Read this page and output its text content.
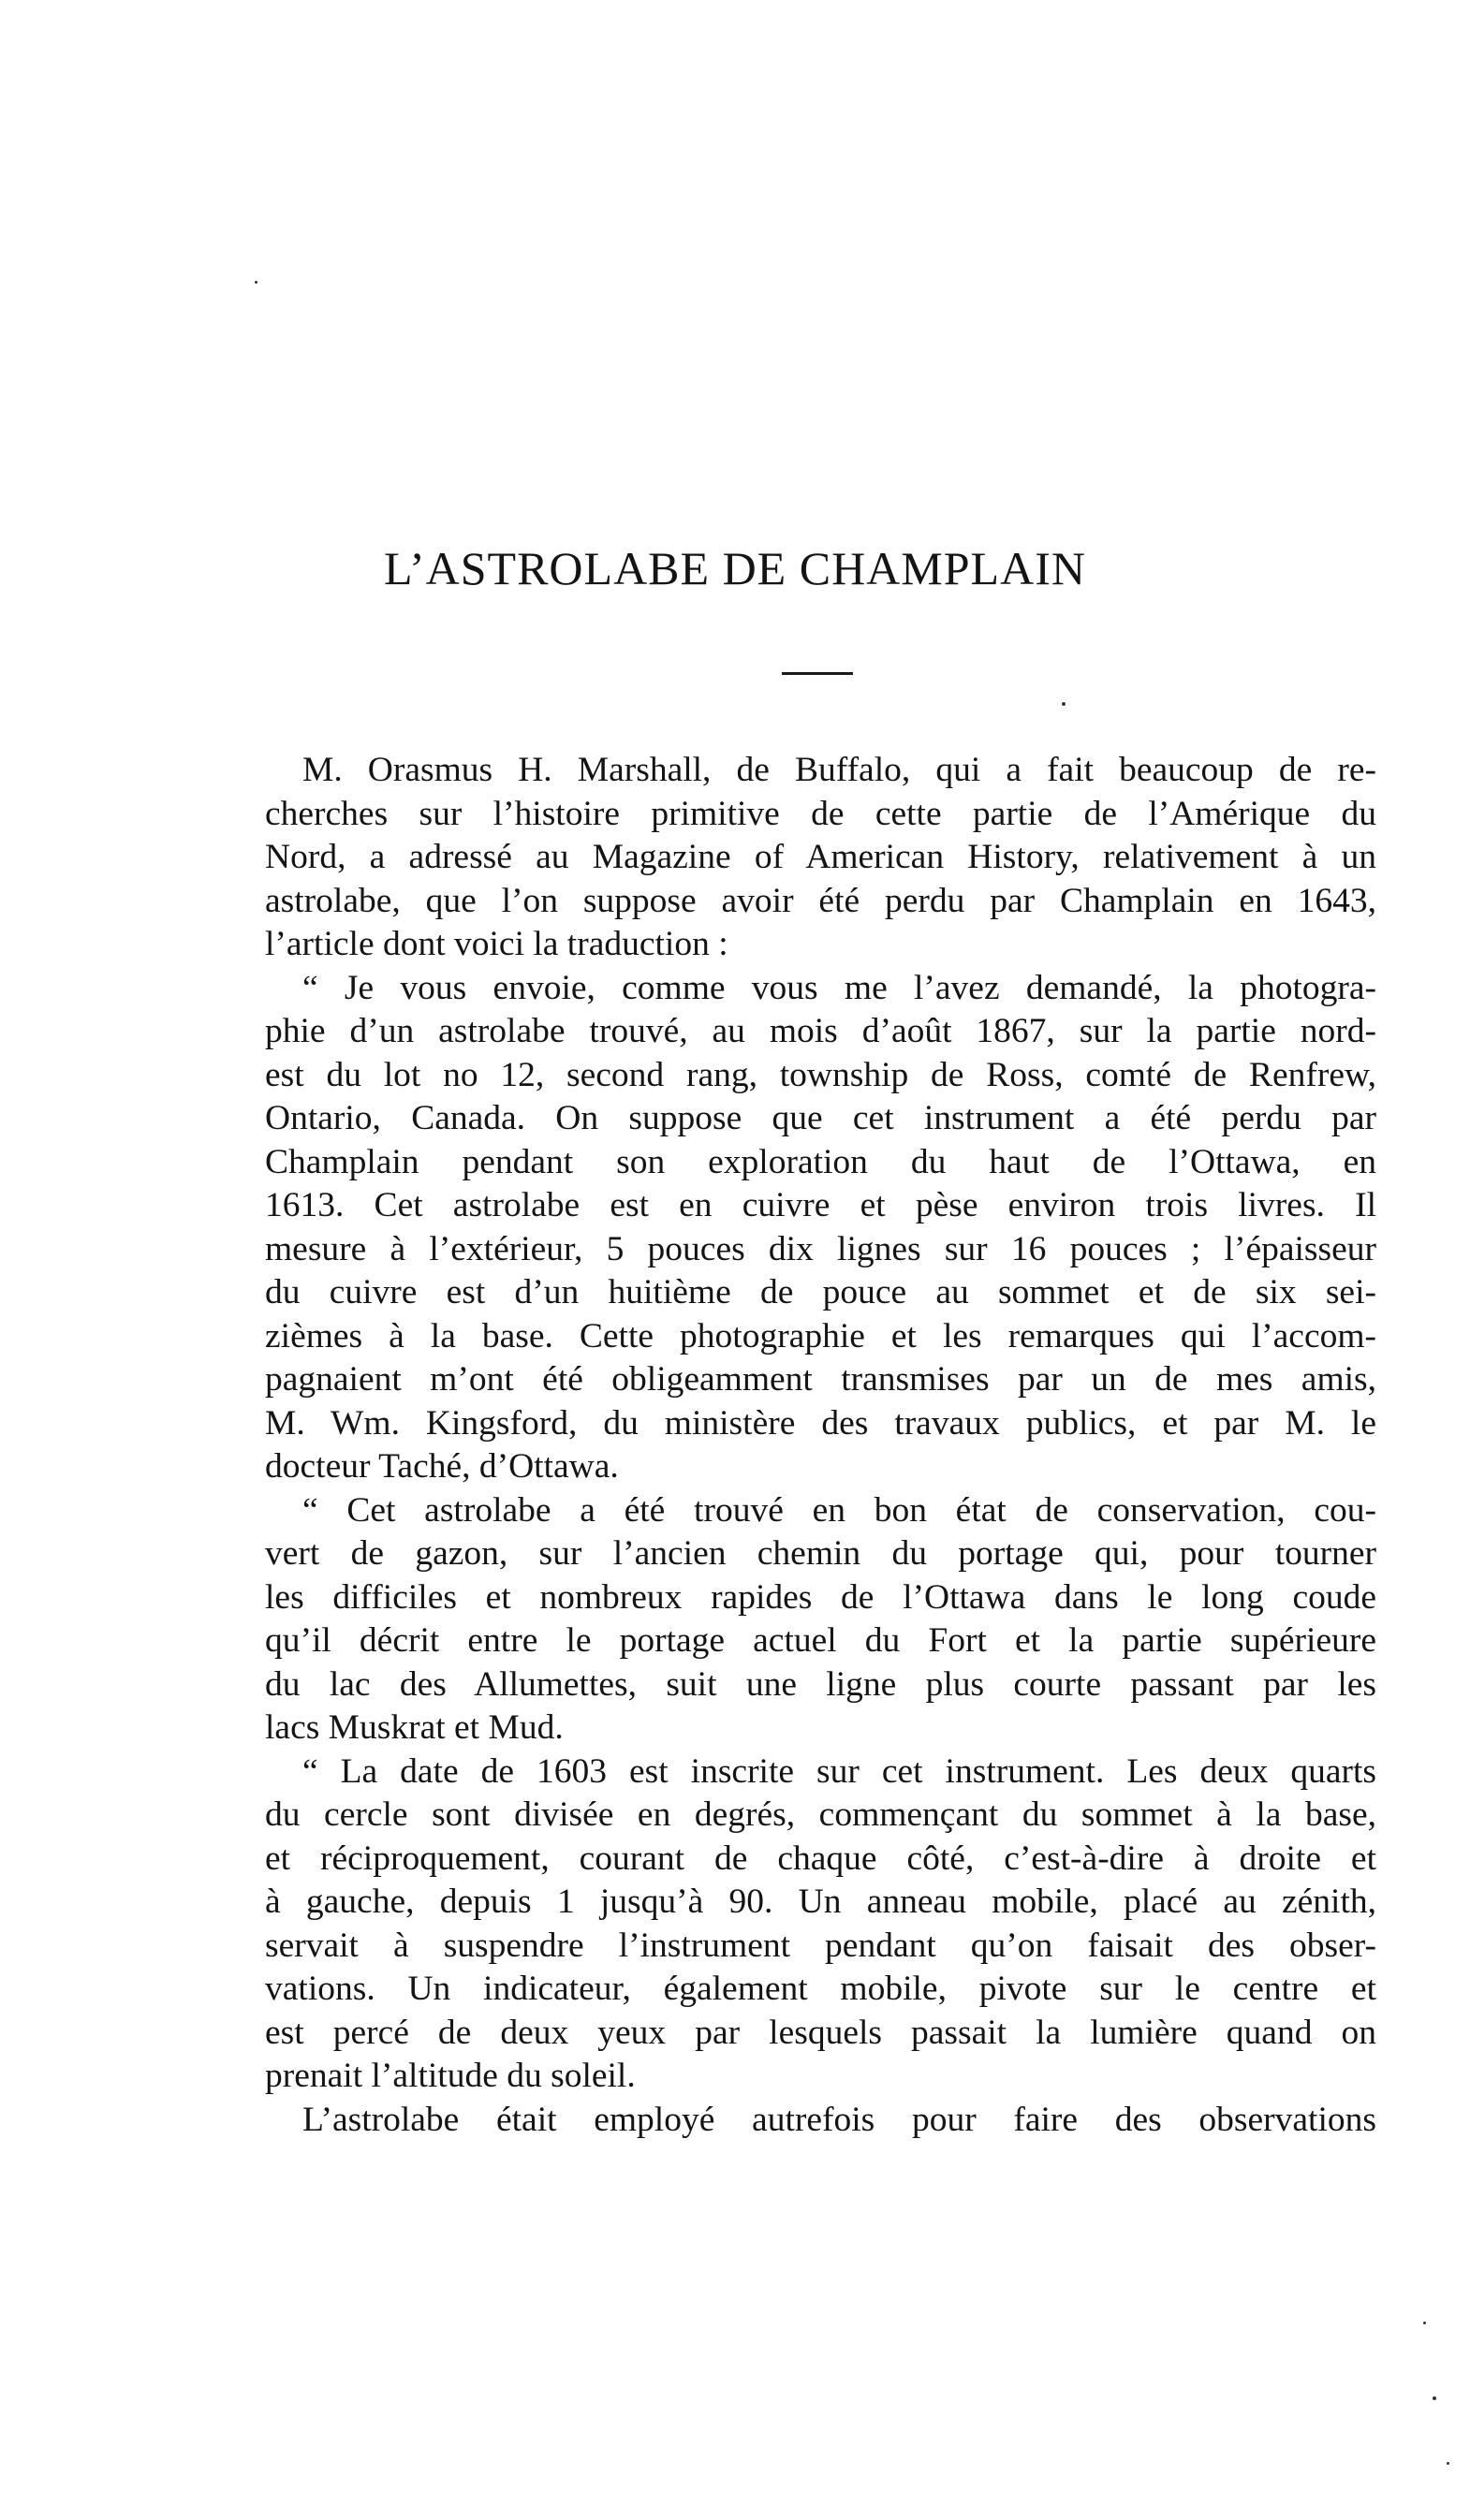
L’ASTROLABE DE CHAMPLAIN
M. Orasmus H. Marshall, de Buffalo, qui a fait beaucoup de re-
cherches sur l’histoire primitive de cette partie de l’Amérique du
Nord, a adressé au Magazine of American History, relativement à un
astrolabe, que l’on suppose avoir été perdu par Champlain en 1643,
l’article dont voici la traduction :
“ Je vous envoie, comme vous me l’avez demandé, la photogra-
phie d’un astrolabe trouvé, au mois d’août 1867, sur la partie nord-
est du lot no 12, second rang, township de Ross, comté de Renfrew,
Ontario, Canada. On suppose que cet instrument a été perdu par
Champlain pendant son exploration du haut de l’Ottawa, en
1613. Cet astrolabe est en cuivre et pèse environ trois livres. Il
mesure à l’extérieur, 5 pouces dix lignes sur 16 pouces ; l’épaisseur
du cuivre est d’un huitième de pouce au sommet et de six sei-
zièmes à la base. Cette photographie et les remarques qui l’accom-
pagnaient m’ont été obligeamment transmises par un de mes amis,
M. Wm. Kingsford, du ministère des travaux publics, et par M. le
docteur Taché, d’Ottawa.
“ Cet astrolabe a été trouvé en bon état de conservation, cou-
vert de gazon, sur l’ancien chemin du portage qui, pour tourner
les difficiles et nombreux rapides de l’Ottawa dans le long coude
qu’il décrit entre le portage actuel du Fort et la partie supérieure
du lac des Allumettes, suit une ligne plus courte passant par les
lacs Muskrat et Mud.
“ La date de 1603 est inscrite sur cet instrument. Les deux quarts
du cercle sont divisée en degrés, commençant du sommet à la base,
et réciproquement, courant de chaque côté, c’est-à-dire à droite et
à gauche, depuis 1 jusqu’à 90. Un anneau mobile, placé au zénith,
servait à suspendre l’instrument pendant qu’on faisait des obser-
vations. Un indicateur, également mobile, pivote sur le centre et
est percé de deux yeux par lesquels passait la lumière quand on
prenait l’altitude du soleil.
L’astrolabe était employé autrefois pour faire des observations
